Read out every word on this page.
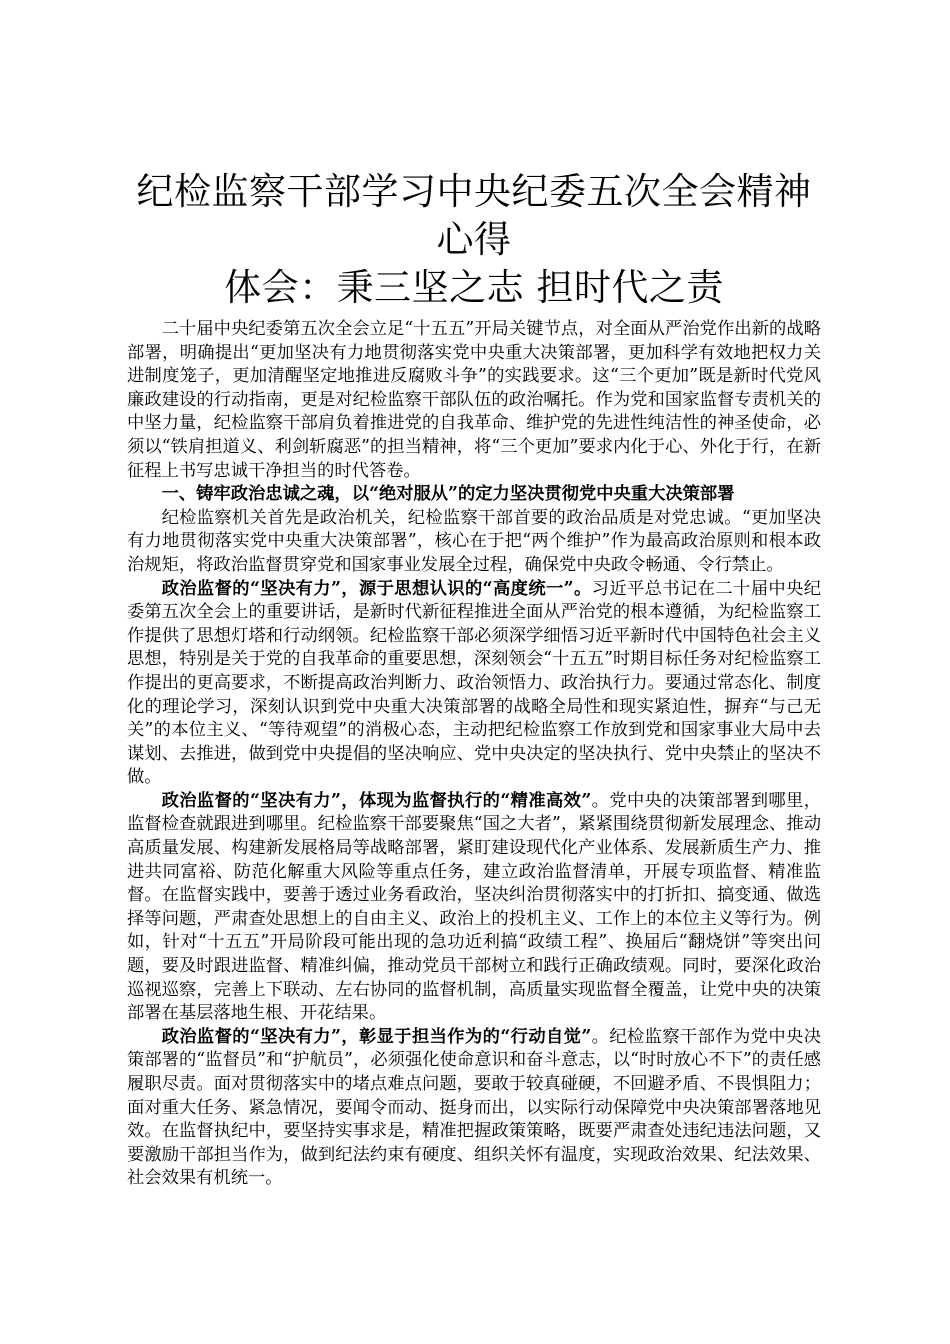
纪检监察干部学习中央纪委五次全会精神心得
体会：秉三坚之志 担时代之责

二十届中央纪委第五次全会立足“十五五”开局关键节点，对全面从严治党作出新的战略部署，明确提出“更加坚决有力地贯彻落实党中央重大决策部署，更加科学有效地把权力关进制度笼子，更加清醒坚定地推进反腐败斗争”的实践要求。这“三个更加”既是新时代党风廉政建设的行动指南，更是对纪检监察干部队伍的政治嘱托。作为党和国家监督专责机关的中坚力量，纪检监察干部肩负着推进党的自我革命、维护党的先进性纯洁性的神圣使命，必须以“铁肩担道义、利剑斩腐恶”的担当精神，将“三个更加”要求内化于心、外化于行，在新征程上书写忠诚干净担当的时代答卷。

一、铸牢政治忠诚之魂，以“绝对服从”的定力坚决贯彻党中央重大决策部署

纪检监察机关首先是政治机关，纪检监察干部首要的政治品质是对党忠诚。“更加坚决有力地贯彻落实党中央重大决策部署”，核心在于把“两个维护”作为最高政治原则和根本政治规矩，将政治监督贯穿党和国家事业发展全过程，确保党中央政令畅通、令行禁止。

政治监督的“坚决有力”，源于思想认识的“高度统一”。习近平总书记在二十届中央纪委第五次全会上的重要讲话，是新时代新征程推进全面从严治党的根本遵循，为纪检监察工作提供了思想灯塔和行动纲领。纪检监察干部必须深学细悟习近平新时代中国特色社会主义思想，特别是关于党的自我革命的重要思想，深刻领会“十五五”时期目标任务对纪检监察工作提出的更高要求，不断提高政治判断力、政治领悟力、政治执行力。要通过常态化、制度化的理论学习，深刻认识到党中央重大决策部署的战略全局性和现实紧迫性，摒弃“与己无关”的本位主义、“等待观望”的消极心态，主动把纪检监察工作放到党和国家事业大局中去谋划、去推进，做到党中央提倡的坚决响应、党中央决定的坚决执行、党中央禁止的坚决不做。

政治监督的“坚决有力”，体现为监督执行的“精准高效”。党中央的决策部署到哪里，监督检查就跟进到哪里。纪检监察干部要聚焦“国之大者”，紧紧围绕贯彻新发展理念、推动高质量发展、构建新发展格局等战略部署，紧盯建设现代化产业体系、发展新质生产力、推进共同富裕、防范化解重大风险等重点任务，建立政治监督清单，开展专项监督、精准监督。在监督实践中，要善于透过业务看政治，坚决纠治贯彻落实中的打折扣、搞变通、做选择等问题，严肃查处思想上的自由主义、政治上的投机主义、工作上的本位主义等行为。例如，针对“十五五”开局阶段可能出现的急功近利搞“政绩工程”、换届后“翻烧饼”等突出问题，要及时跟进监督、精准纠偏，推动党员干部树立和践行正确政绩观。同时，要深化政治巡视巡察，完善上下联动、左右协同的监督机制，高质量实现监督全覆盖，让党中央的决策部署在基层落地生根、开花结果。

政治监督的“坚决有力”，彰显于担当作为的“行动自觉”。纪检监察干部作为党中央决策部署的“监督员”和“护航员”，必须强化使命意识和奋斗意志，以“时时放心不下”的责任感履职尽责。面对贯彻落实中的堵点难点问题，要敢于较真碰硬，不回避矛盾、不畏惧阻力；面对重大任务、紧急情况，要闻令而动、挺身而出，以实际行动保障党中央决策部署落地见效。在监督执纪中，要坚持实事求是，精准把握政策策略，既要严肃查处违纪违法问题，又要激励干部担当作为，做到纪法约束有硬度、组织关怀有温度，实现政治效果、纪法效果、社会效果有机统一。
